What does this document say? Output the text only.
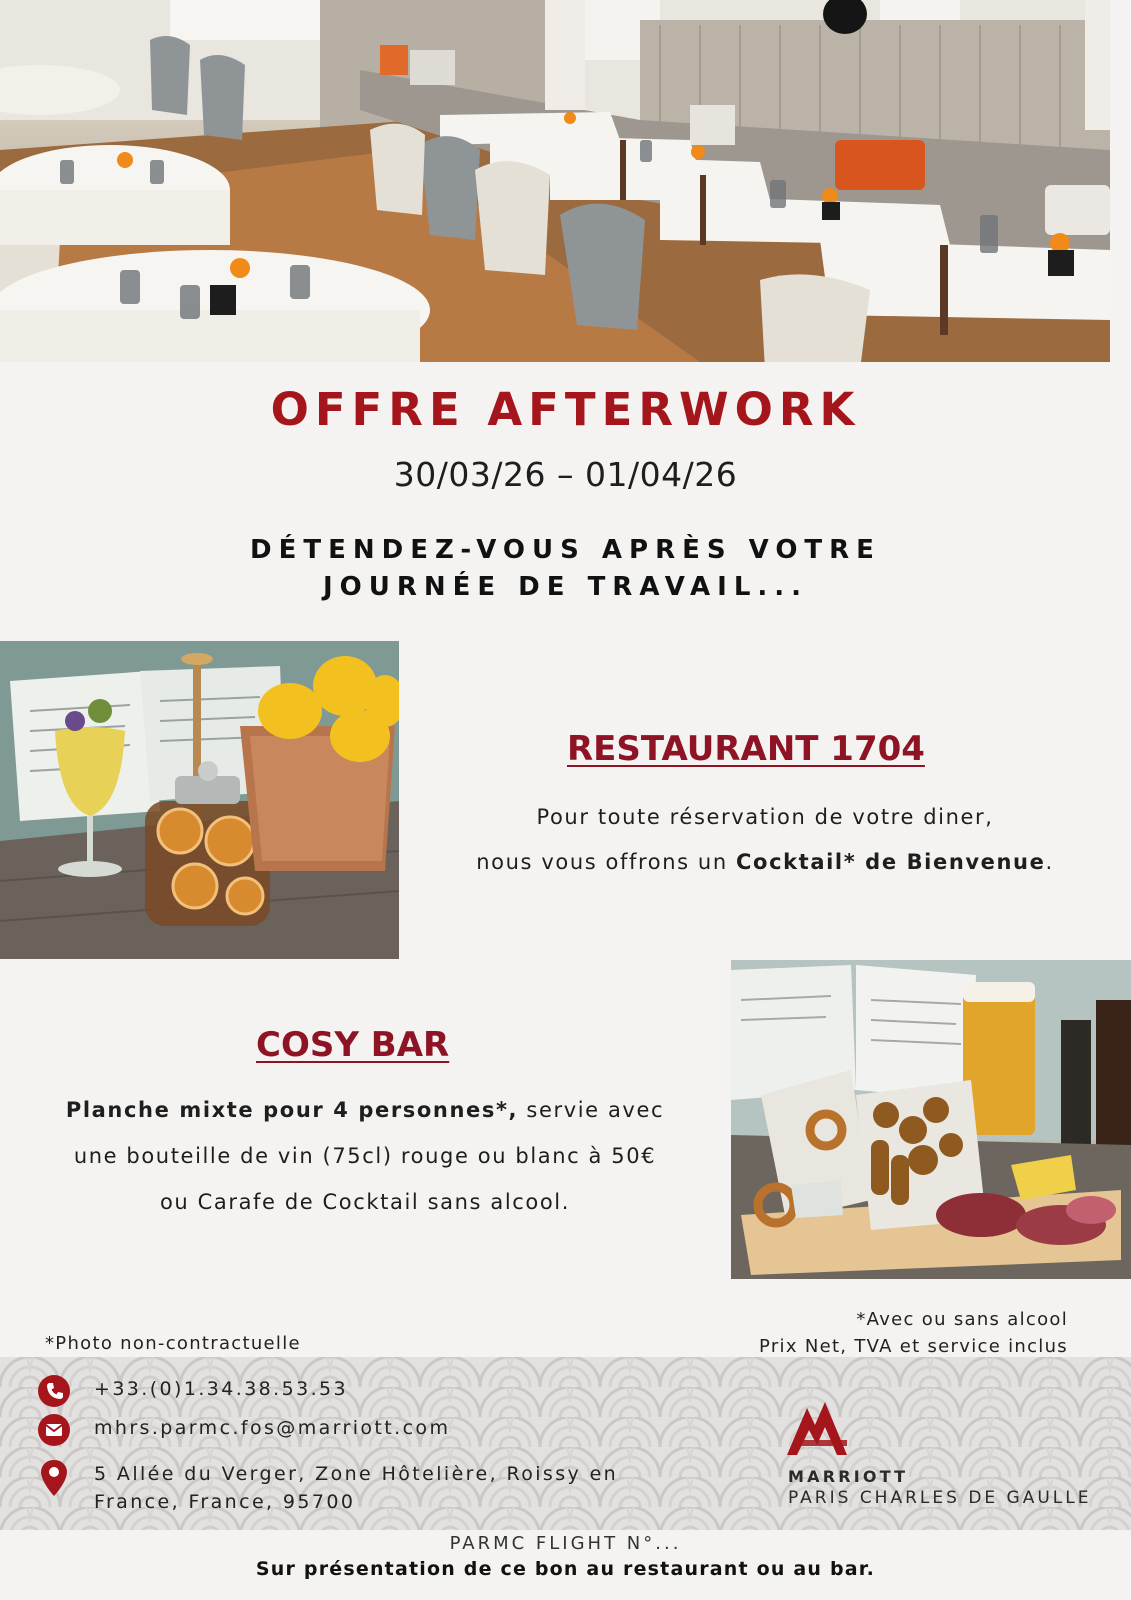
OFFRE AFTERWORK
30/03/26 – 01/04/26
DÉTENDEZ-VOUS APRÈS VOTRE
JOURNÉE DE TRAVAIL...
RESTAURANT 1704
Pour toute réservation de votre diner,
nous vous offrons un Cocktail* de Bienvenue.
COSY BAR
Planche mixte pour 4 personnes*, servie avec
une bouteille de vin (75cl) rouge ou blanc à 50€
ou Carafe de Cocktail sans alcool.
*Photo non-contractuelle
*Avec ou sans alcool
Prix Net, TVA et service inclus
+33.(0)1.34.38.53.53
mhrs.parmc.fos@marriott.com
5 Allée du Verger, Zone Hôtelière, Roissy en
France, France, 95700
MARRIOTT
PARIS CHARLES DE GAULLE
PARMC FLIGHT N°...
Sur présentation de ce bon au restaurant ou au bar.
